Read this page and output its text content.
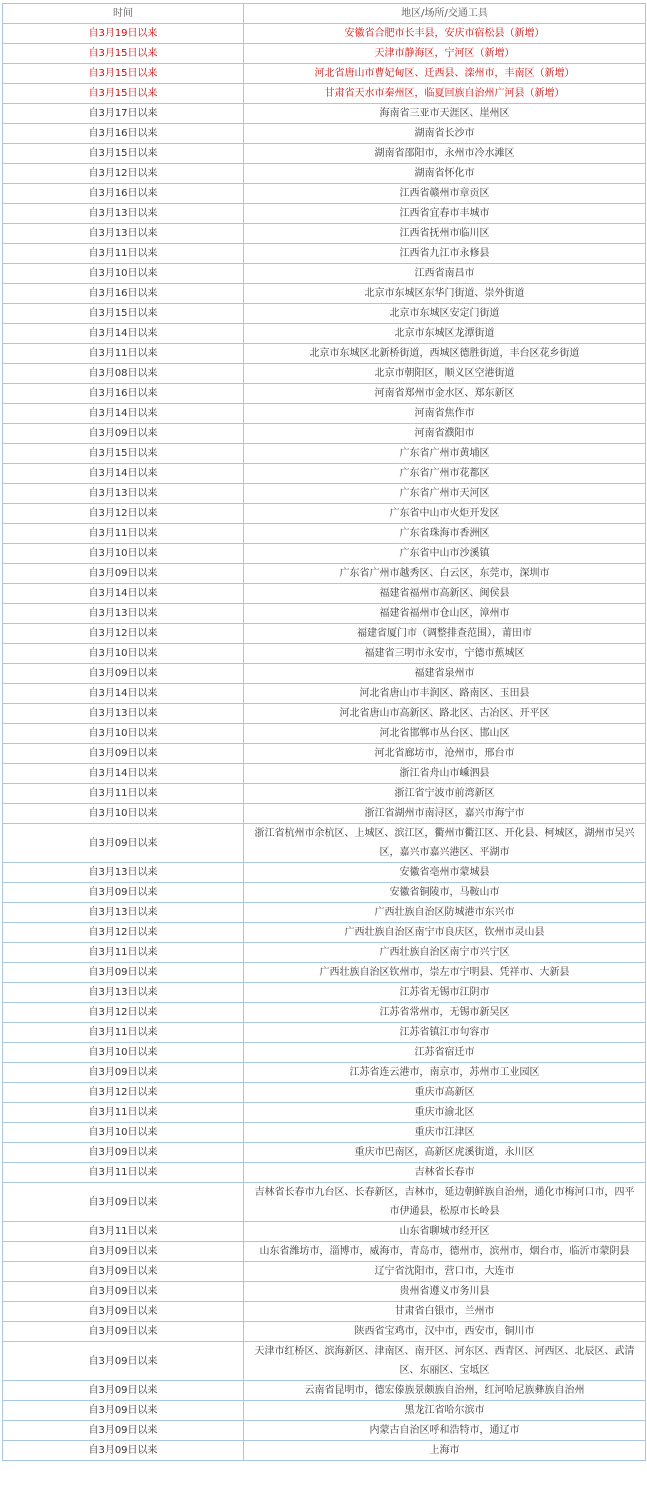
时间	地区/场所/交通工具
自3月19日以来	安徽省合肥市长丰县，安庆市宿松县（新增）
自3月15日以来	天津市静海区，宁河区（新增）
自3月15日以来	河北省唐山市曹妃甸区、迁西县、滦州市，丰南区（新增）
自3月15日以来	甘肃省天水市秦州区，临夏回族自治州广河县（新增）
自3月17日以来	海南省三亚市天涯区、崖州区
自3月16日以来	湖南省长沙市
自3月15日以来	湖南省邵阳市，永州市冷水滩区
自3月12日以来	湖南省怀化市
自3月16日以来	江西省赣州市章贡区
自3月13日以来	江西省宜春市丰城市
自3月13日以来	江西省抚州市临川区
自3月11日以来	江西省九江市永修县
自3月10日以来	江西省南昌市
自3月16日以来	北京市东城区东华门街道、崇外街道
自3月15日以来	北京市东城区安定门街道
自3月14日以来	北京市东城区龙潭街道
自3月11日以来	北京市东城区北新桥街道，西城区德胜街道，丰台区花乡街道
自3月08日以来	北京市朝阳区，顺义区空港街道
自3月16日以来	河南省郑州市金水区、郑东新区
自3月14日以来	河南省焦作市
自3月09日以来	河南省濮阳市
自3月15日以来	广东省广州市黄埔区
自3月14日以来	广东省广州市花都区
自3月13日以来	广东省广州市天河区
自3月12日以来	广东省中山市火炬开发区
自3月11日以来	广东省珠海市香洲区
自3月10日以来	广东省中山市沙溪镇
自3月09日以来	广东省广州市越秀区、白云区，东莞市，深圳市
自3月14日以来	福建省福州市高新区、闽侯县
自3月13日以来	福建省福州市仓山区，漳州市
自3月12日以来	福建省厦门市（调整排查范围），莆田市
自3月10日以来	福建省三明市永安市，宁德市蕉城区
自3月09日以来	福建省泉州市
自3月14日以来	河北省唐山市丰润区、路南区、玉田县
自3月13日以来	河北省唐山市高新区、路北区、古冶区、开平区
自3月10日以来	河北省邯郸市丛台区、邯山区
自3月09日以来	河北省廊坊市，沧州市，邢台市
自3月14日以来	浙江省舟山市嵊泗县
自3月11日以来	浙江省宁波市前湾新区
自3月10日以来	浙江省湖州市南浔区，嘉兴市海宁市
自3月09日以来	浙江省杭州市余杭区、上城区、滨江区，衢州市衢江区、开化县、柯城区，湖州市吴兴区，嘉兴市嘉兴港区、平湖市
自3月13日以来	安徽省亳州市蒙城县
自3月09日以来	安徽省铜陵市，马鞍山市
自3月13日以来	广西壮族自治区防城港市东兴市
自3月12日以来	广西壮族自治区南宁市良庆区，钦州市灵山县
自3月11日以来	广西壮族自治区南宁市兴宁区
自3月09日以来	广西壮族自治区钦州市，崇左市宁明县、凭祥市、大新县
自3月13日以来	江苏省无锡市江阴市
自3月12日以来	江苏省常州市，无锡市新吴区
自3月11日以来	江苏省镇江市句容市
自3月10日以来	江苏省宿迁市
自3月09日以来	江苏省连云港市，南京市，苏州市工业园区
自3月12日以来	重庆市高新区
自3月11日以来	重庆市渝北区
自3月10日以来	重庆市江津区
自3月09日以来	重庆市巴南区，高新区虎溪街道，永川区
自3月11日以来	吉林省长春市
自3月09日以来	吉林省长春市九台区、长春新区，吉林市，延边朝鲜族自治州，通化市梅河口市，四平市伊通县，松原市长岭县
自3月11日以来	山东省聊城市经开区
自3月09日以来	山东省潍坊市，淄博市，威海市，青岛市，德州市，滨州市，烟台市，临沂市蒙阴县
自3月09日以来	辽宁省沈阳市，营口市，大连市
自3月09日以来	贵州省遵义市务川县
自3月09日以来	甘肃省白银市，兰州市
自3月09日以来	陕西省宝鸡市，汉中市，西安市，铜川市
自3月09日以来	天津市红桥区、滨海新区、津南区、南开区、河东区、西青区、河西区、北辰区、武清区、东丽区、宝坻区
自3月09日以来	云南省昆明市，德宏傣族景颇族自治州，红河哈尼族彝族自治州
自3月09日以来	黑龙江省哈尔滨市
自3月09日以来	内蒙古自治区呼和浩特市，通辽市
自3月09日以来	上海市
